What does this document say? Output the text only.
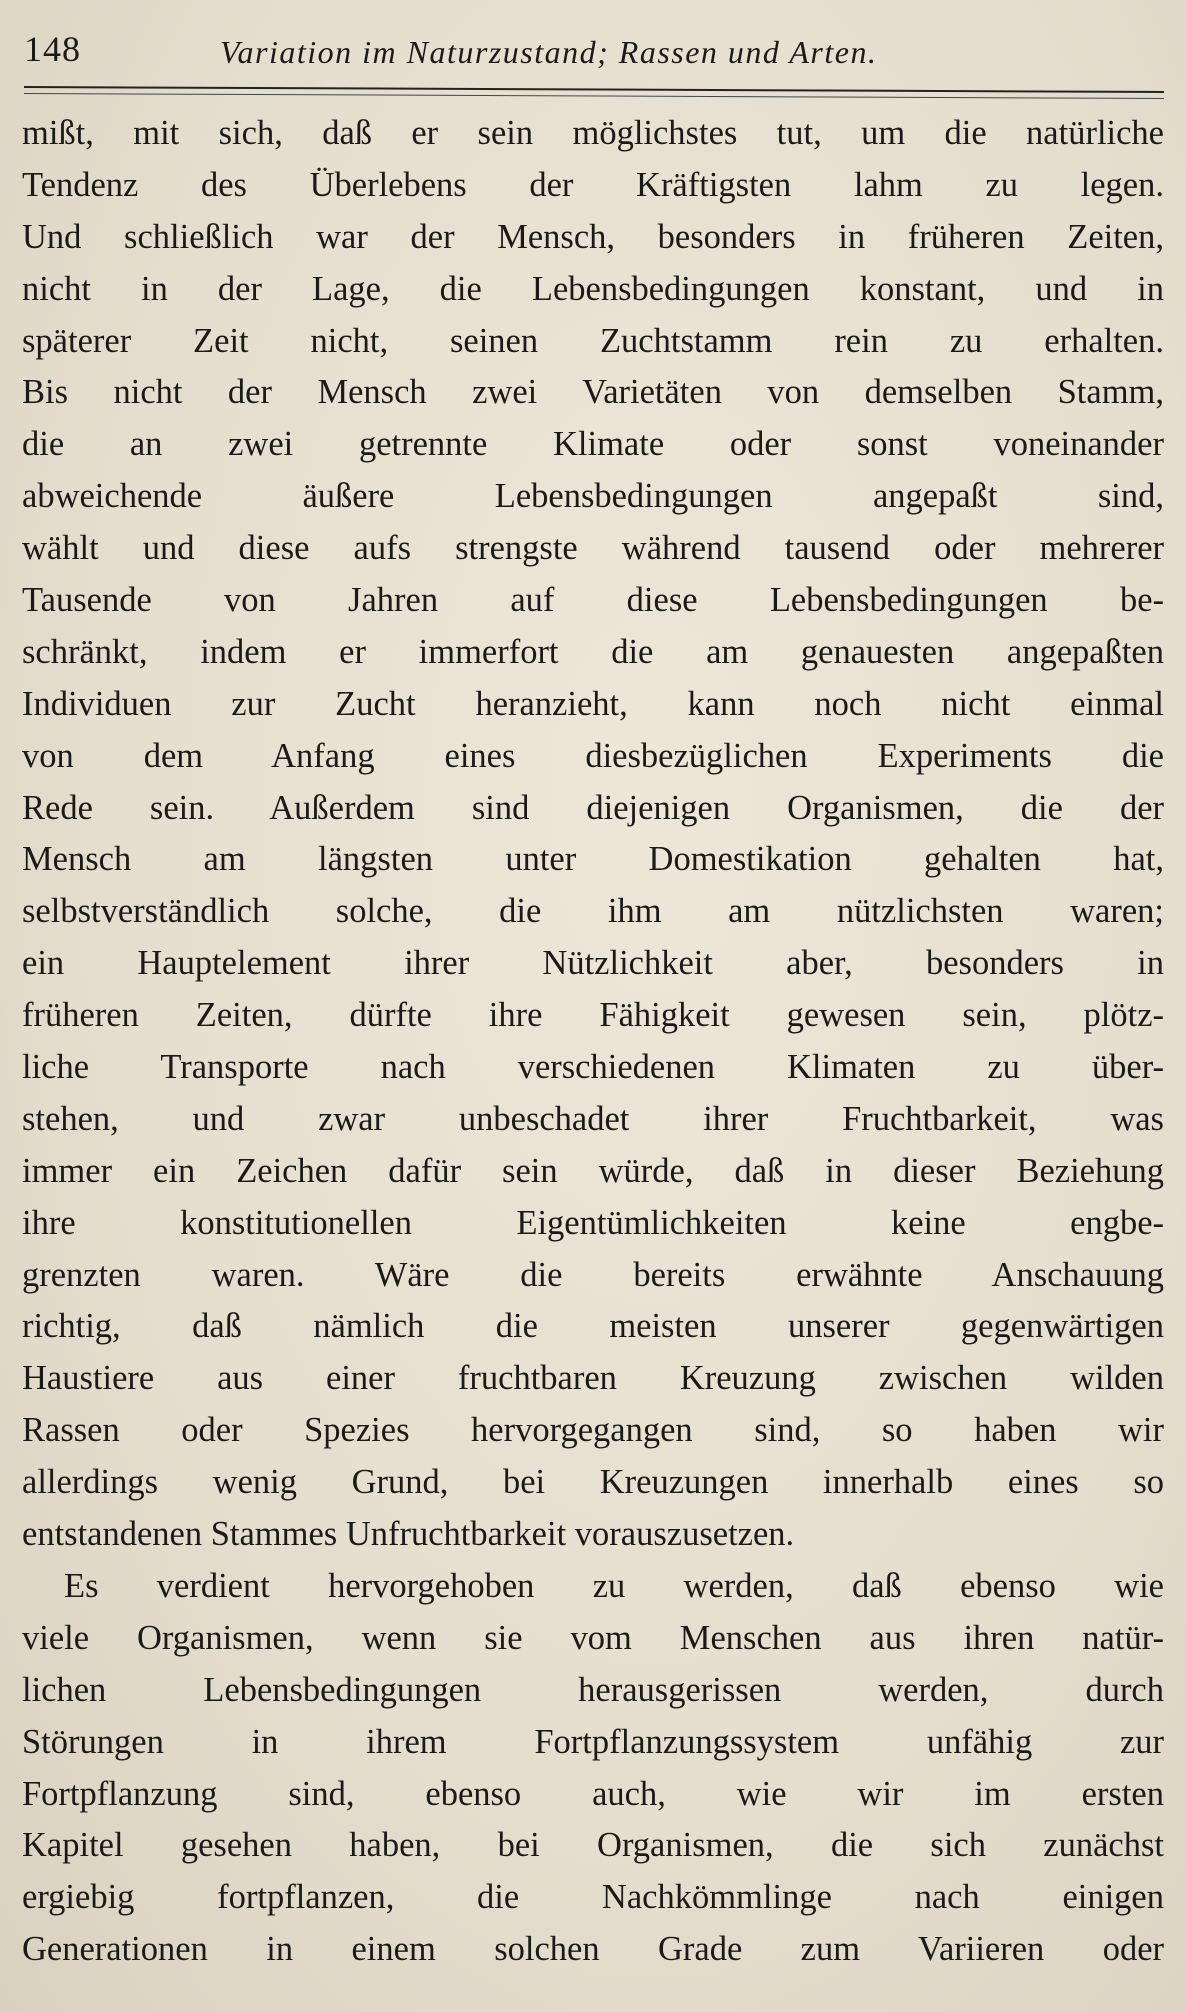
148	Variation im Naturzustand; Rassen und Arten.
mißt, mit sich, daß er sein möglichstes tut, um die natürliche
Tendenz des Überlebens der Kräftigsten lahm zu legen.
Und schließlich war der Mensch, besonders in früheren Zeiten,
nicht in der Lage, die Lebensbedingungen konstant, und in
späterer Zeit nicht, seinen Zuchtstamm rein zu erhalten.
Bis nicht der Mensch zwei Varietäten von demselben Stamm,
die an zwei getrennte Klimate oder sonst voneinander
abweichende äußere Lebensbedingungen angepaßt sind,
wählt und diese aufs strengste während tausend oder mehrerer
Tausende von Jahren auf diese Lebensbedingungen be-
schränkt, indem er immerfort die am genauesten angepaßten
Individuen zur Zucht heranzieht, kann noch nicht einmal
von dem Anfang eines diesbezüglichen Experiments die
Rede sein. Außerdem sind diejenigen Organismen, die der
Mensch am längsten unter Domestikation gehalten hat,
selbstverständlich solche, die ihm am nützlichsten waren;
ein Hauptelement ihrer Nützlichkeit aber, besonders in
früheren Zeiten, dürfte ihre Fähigkeit gewesen sein, plötz-
liche Transporte nach verschiedenen Klimaten zu über-
stehen, und zwar unbeschadet ihrer Fruchtbarkeit, was
immer ein Zeichen dafür sein würde, daß in dieser Beziehung
ihre konstitutionellen Eigentümlichkeiten keine engbe-
grenzten waren. Wäre die bereits erwähnte Anschauung
richtig, daß nämlich die meisten unserer gegenwärtigen
Haustiere aus einer fruchtbaren Kreuzung zwischen wilden
Rassen oder Spezies hervorgegangen sind, so haben wir
allerdings wenig Grund, bei Kreuzungen innerhalb eines so
entstandenen Stammes Unfruchtbarkeit vorauszusetzen.
Es verdient hervorgehoben zu werden, daß ebenso wie
viele Organismen, wenn sie vom Menschen aus ihren natür-
lichen Lebensbedingungen herausgerissen werden, durch
Störungen in ihrem Fortpflanzungssystem unfähig zur
Fortpflanzung sind, ebenso auch, wie wir im ersten
Kapitel gesehen haben, bei Organismen, die sich zunächst
ergiebig fortpflanzen, die Nachkömmlinge nach einigen
Generationen in einem solchen Grade zum Variieren oder
